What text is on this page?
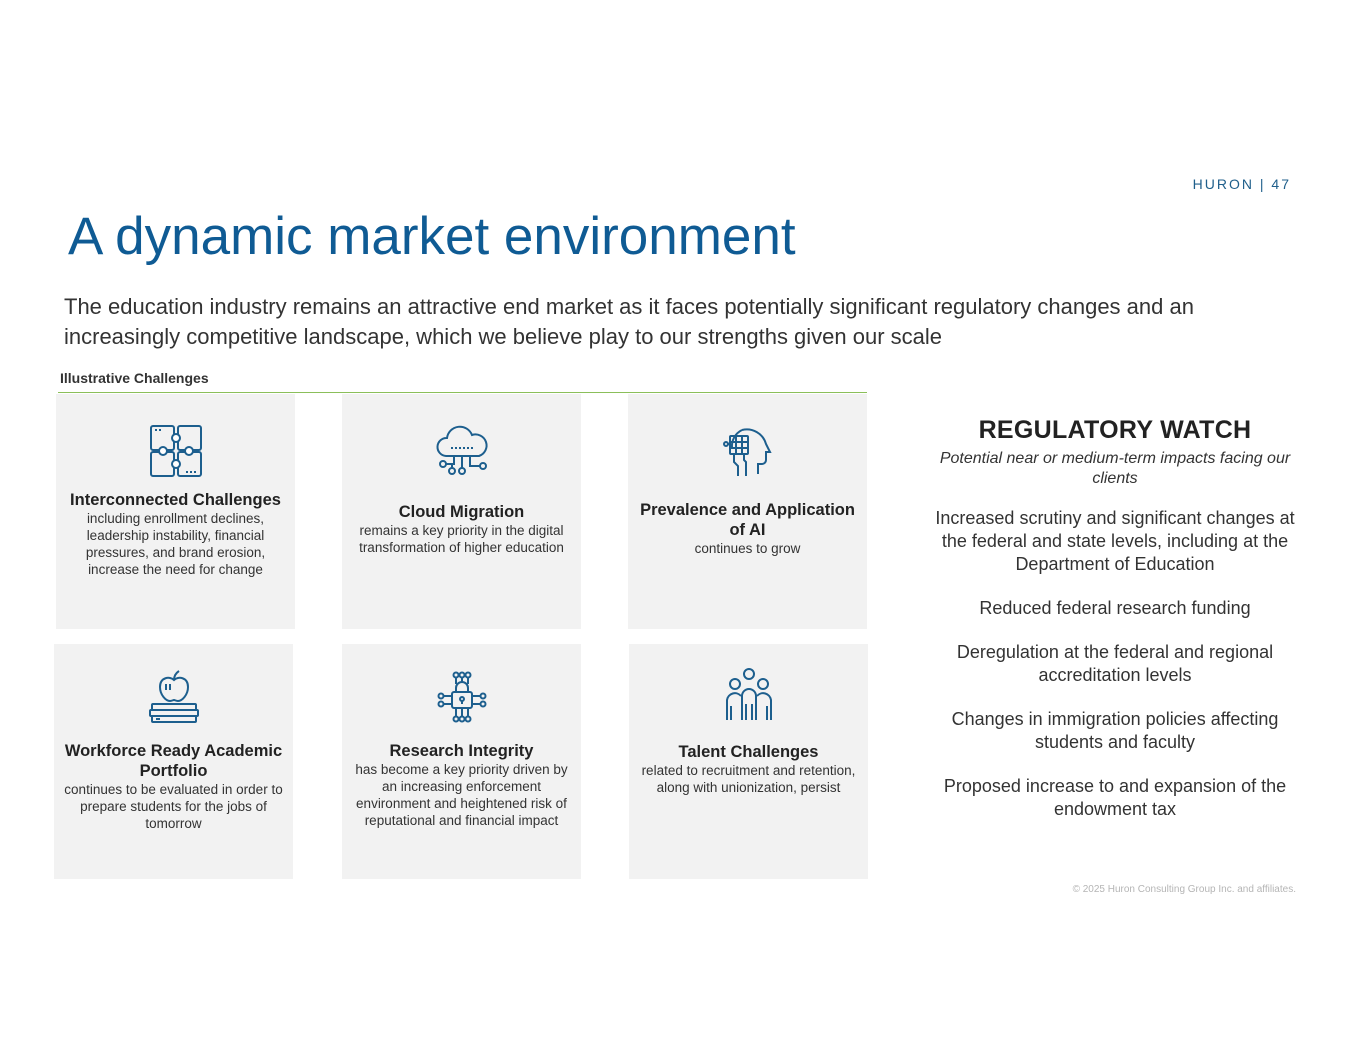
HURON | 47
A dynamic market environment

The education industry remains an attractive end market as it faces potentially significant regulatory changes and an increasingly competitive landscape, which we believe play to our strengths given our scale

Illustrative Challenges
Interconnected Challenges
including enrollment declines, leadership instability, financial pressures, and brand erosion, increase the need for change
Cloud Migration
remains a key priority in the digital transformation of higher education
Prevalence and Application of AI
continues to grow
Workforce Ready Academic Portfolio
continues to be evaluated in order to prepare students for the jobs of tomorrow
Research Integrity
has become a key priority driven by an increasing enforcement environment and heightened risk of reputational and financial impact
Talent Challenges
related to recruitment and retention, along with unionization, persist
REGULATORY WATCH
Potential near or medium-term impacts facing our clients
Increased scrutiny and significant changes at the federal and state levels, including at the Department of Education
Reduced federal research funding
Deregulation at the federal and regional accreditation levels
Changes in immigration policies affecting students and faculty
Proposed increase to and expansion of the endowment tax
© 2025 Huron Consulting Group Inc. and affiliates.
